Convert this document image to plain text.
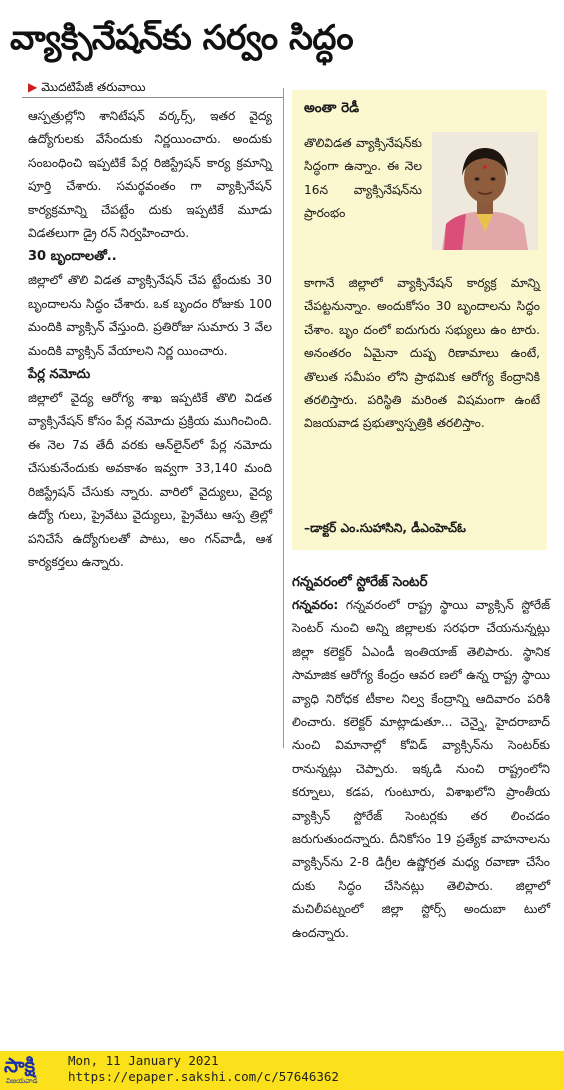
వ్యాక్సినేషన్‌కు సర్వం సిద్ధం
▶ మొదటిపేజీ తరువాయి

ఆస్పత్రుల్లోని శానిటేషన్ వర్కర్స్, ఇతర వైద్య ఉద్యోగులకు వేసేందుకు నిర్ణయించారు. అందుకు సంబంధించి ఇప్పటికే పేర్ల రిజిస్ట్రేషన్ కార్య క్రమాన్ని పూర్తి చేశారు. సమర్థవంతం గా వ్యాక్సినేషన్ కార్యక్రమాన్ని చేపట్టేం దుకు ఇప్పటికే మూడు విడతలుగా డ్రై రన్ నిర్వహించారు.

30 బృందాలతో..

జిల్లాలో తొలి విడత వ్యాక్సినేషన్ చేప ట్టేందుకు 30 బృందాలను సిద్ధం చేశారు. ఒక బృందం రోజుకు 100 మందికి వ్యాక్సిన్ వేస్తుంది. ప్రతిరోజు సుమారు 3 వేల మందికి వ్యాక్సిన్ వేయాలని నిర్ణ యించారు.

పేర్ల నమోదు

జిల్లాలో వైద్య ఆరోగ్య శాఖ ఇప్పటికే తొలి విడత వ్యాక్సినేషన్ కోసం పేర్ల నమోదు ప్రక్రియ ముగించింది. ఈ నెల 7వ తేదీ వరకు ఆన్‌లైన్‌లో పేర్ల నమోదు చేసుకునేందుకు అవకాశం ఇవ్వగా 33,140 మంది రిజిస్ట్రేషన్ చేసుకు న్నారు. వారిలో వైద్యులు, వైద్య ఉద్యో గులు, ప్రైవేటు వైద్యులు, ప్రైవేటు ఆస్ప త్రిల్లో పనిచేసే ఉద్యోగులతో పాటు, అం గన్‌వాడీ, ఆశ కార్యకర్తలు ఉన్నారు.

అంతా రెడీ

తొలివిడత వ్యాక్సినేషన్‌కు సిద్ధంగా ఉన్నాం. ఈ నెల 16న వ్యాక్సినేషన్‌ను ప్రారంభం

కాగానే జిల్లాలో వ్యాక్సినేషన్ కార్యక్ర మాన్ని చేపట్టనున్నాం. అందుకోసం 30 బృందాలను సిద్ధం చేశాం. బృం దంలో ఐదుగురు సభ్యులు ఉం టారు. అనంతరం ఏమైనా దుష్ప రిణామాలు ఉంటే, తొలుత సమీపం లోని ప్రాథమిక ఆరోగ్య కేంద్రానికి తరలిస్తారు. పరిస్థితి మరింత విషమంగా ఉంటే విజయవాడ ప్రభుత్వాస్పత్రికి తరలిస్తాం.

–డాక్టర్ ఎం.సుహాసిని, డీఎంహెచ్ఓ
గన్నవరంలో స్టోరేజ్ సెంటర్

గన్నవరం: గన్నవరంలో రాష్ట్ర స్థాయి వ్యాక్సిన్ స్టోరేజ్ సెంటర్ నుంచి అన్ని జిల్లాలకు సరఫరా చేయనున్నట్లు జిల్లా కలెక్టర్ ఏఎండీ ఇంతియాజ్ తెలిపారు. స్థానిక సామాజిక ఆరోగ్య కేంద్రం ఆవర ణలో ఉన్న రాష్ట్ర స్థాయి వ్యాధి నిరోధక టీకాల నిల్వ కేంద్రాన్ని ఆదివారం పరిశీ లించారు. కలెక్టర్ మాట్లాడుతూ... చెన్నై, హైదరాబాద్ నుంచి విమానాల్లో కోవిడ్ వ్యాక్సిన్‌ను సెంటర్‌కు రానున్నట్లు చెప్పారు. ఇక్కడి నుంచి రాష్ట్రంలోని కర్నూలు, కడప, గుంటూరు, విశాఖలోని ప్రాంతీయ వ్యాక్సిన్ స్టోరేజ్ సెంటర్లకు తర లించడం జరుగుతుందన్నారు. దీనికోసం 19 ప్రత్యేక వాహనాలను వ్యాక్సిన్‌ను 2-8 డిగ్రీల ఉష్ణోగ్రత మధ్య రవాణా చేసేం దుకు సిద్ధం చేసినట్లు తెలిపారు. జిల్లాలో మచిలీపట్నంలో జిల్లా స్టోర్స్ అందుబా టులో ఉందన్నారు.

సాక్షి
విజయవాడ
Mon, 11 January 2021
https://epaper.sakshi.com/c/57646362
